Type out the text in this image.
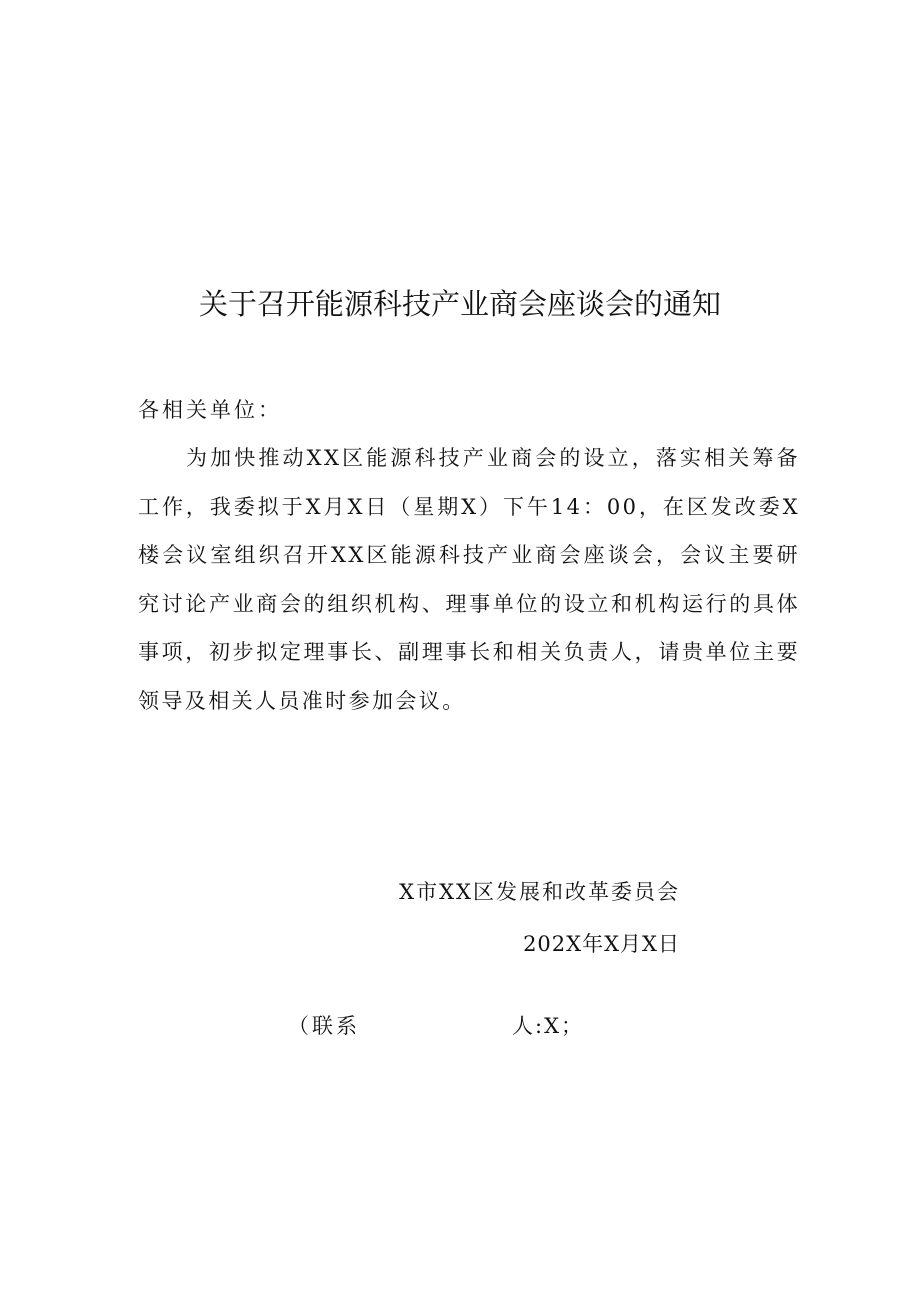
关于召开能源科技产业商会座谈会的通知

各相关单位：

为加快推动XX区能源科技产业商会的设立，落实相关筹备工作，我委拟于X月X日（星期X）下午14：00，在区发改委X楼会议室组织召开XX区能源科技产业商会座谈会，会议主要研究讨论产业商会的组织机构、理事单位的设立和机构运行的具体事项，初步拟定理事长、副理事长和相关负责人，请贵单位主要领导及相关人员准时参加会议。

X市XX区发展和改革委员会

202X年X月X日

（联系	人:X；
